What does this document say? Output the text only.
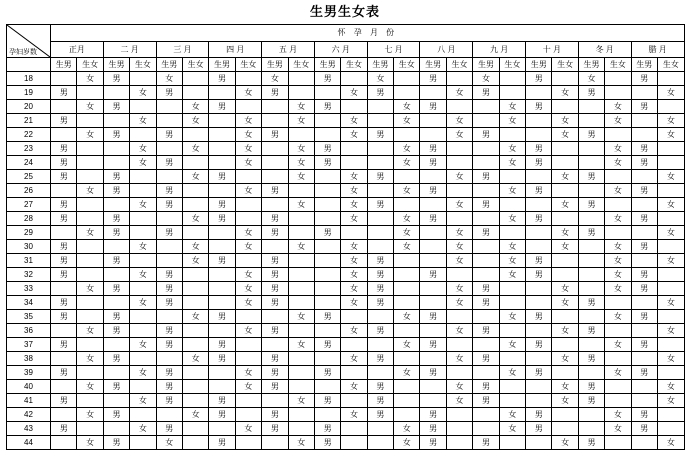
生男生女表
孕妇岁数	怀 孕 月 份																							
	正月		二 月		三 月		四 月		五 月		六 月		七 月		八 月		九 月		十 月		冬 月		腊 月	
	生男	生女	生男	生女	生男	生女	生男	生女	生男	生女	生男	生女	生男	生女	生男	生女	生男	生女	生男	生女	生男	生女	生男	生女
18		女	男		女		男		女		男		女		男		女		男		女		男	
19	男			女	男			女	男			女	男			女	男			女	男			女
20		女	男			女	男			女	男			女	男			女	男			女	男	
21	男			女		女		女		女		女		女		女		女		女		女		女
22		女	男		男			女	男			女	男			女	男			女	男			女
23	男			女		女		女		女	男			女	男			女	男			女	男	
24	男			女	男			女		女	男			女	男			女	男			女	男	
25	男		男			女	男			女		女	男			女	男			女	男			女
26		女	男		男			女	男			女		女	男			女	男			女	男	
27	男			女	男		男			女		女	男			女	男			女	男			女
28	男		男			女	男		男			女		女	男			女	男			女	男	
29		女	男		男			女	男		男			女		女	男			女	男			女
30	男			女		女		女		女		女		女		女		女		女		女	男	
31	男		男			女	男		男			女	男			女		女	男			女		女
32	男			女	男			女	男			女	男		男			女	男			女	男	
33		女	男		男			女	男			女	男			女	男			女		女	男	
34	男			女	男			女	男			女	男			女	男			女	男			女
35	男		男			女	男			女	男			女	男			女	男			女	男	
36		女	男		男			女	男			女	男			女	男			女	男			女
37	男			女	男		男			女	男			女	男			女	男			女	男	
38		女	男			女	男		男			女	男			女	男			女	男			女
39	男			女	男			女	男		男			女	男			女	男			女	男	
40		女	男		男			女	男			女	男			女	男			女	男			女
41	男			女	男		男			女	男		男			女	男			女	男			女
42		女	男			女	男		男			女	男		男			女	男			女	男	
43	男			女	男			女	男		男			女	男			女	男			女	男	
44		女	男		女		男			女	男			女	男		男			女	男			女
